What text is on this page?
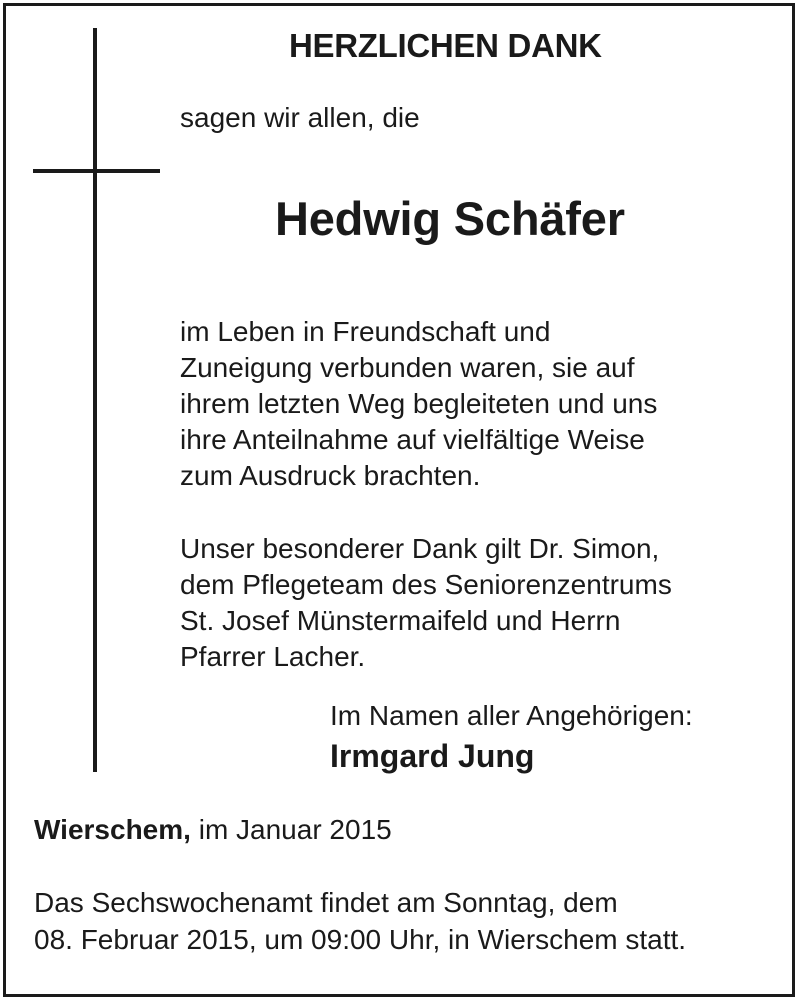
HERZLICHEN DANK

sagen wir allen, die

Hedwig Schäfer
im Leben in Freundschaft und
Zuneigung verbunden waren, sie auf
ihrem letzten Weg begleiteten und uns
ihre Anteilnahme auf vielfältige Weise
zum Ausdruck brachten.
Unser besonderer Dank gilt Dr. Simon,
dem Pflegeteam des Seniorenzentrums
St. Josef Münstermaifeld und Herrn
Pfarrer Lacher.

Im Namen aller Angehörigen:

Irmgard Jung

Wierschem, im Januar 2015

Das Sechswochenamt findet am Sonntag, dem
08. Februar 2015, um 09:00 Uhr, in Wierschem statt.
